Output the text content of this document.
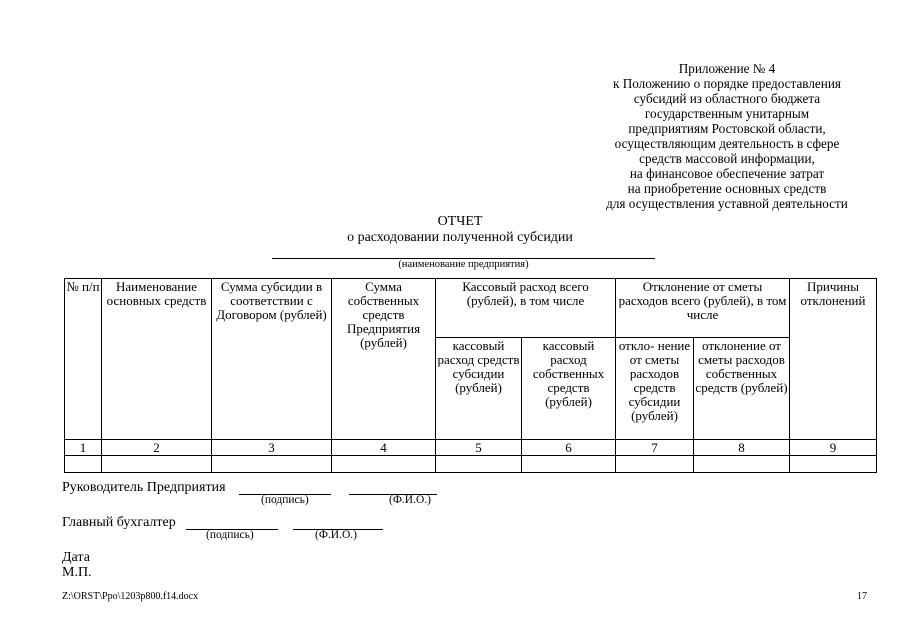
Приложение № 4
к Положению о порядке предоставления
субсидий из областного бюджета
государственным унитарным
предприятиям Ростовской области,
осуществляющим деятельность в сфере
средств массовой информации,
на финансовое обеспечение затрат
на приобретение основных средств
для осуществления уставной деятельности
ОТЧЕТ
о расходовании полученной субсидии
(наименование предприятия)
№ п/п	Наименование основных средств	Сумма субсидии в соответствии с Договором (рублей)	Сумма собственных средств Предприятия (рублей)	Кассовый расход всего (рублей), в том числе		Отклонение от сметы расходов всего (рублей), в том числе		Причины отклонений
				кассовый расход средств субсидии (рублей)	кассовый расход собственных средств (рублей)	откло- нение от сметы расходов средств субсидии (рублей)	отклонение от сметы расходов собственных средств (рублей)	
1	2	3	4	5	6	7	8	9

Руководитель Предприятия
(подпись)	(Ф.И.О.)
Главный бухгалтер
(подпись)	(Ф.И.О.)
Дата
М.П.
Z:\ORST\Ppo\1203p800.f14.docx	17
